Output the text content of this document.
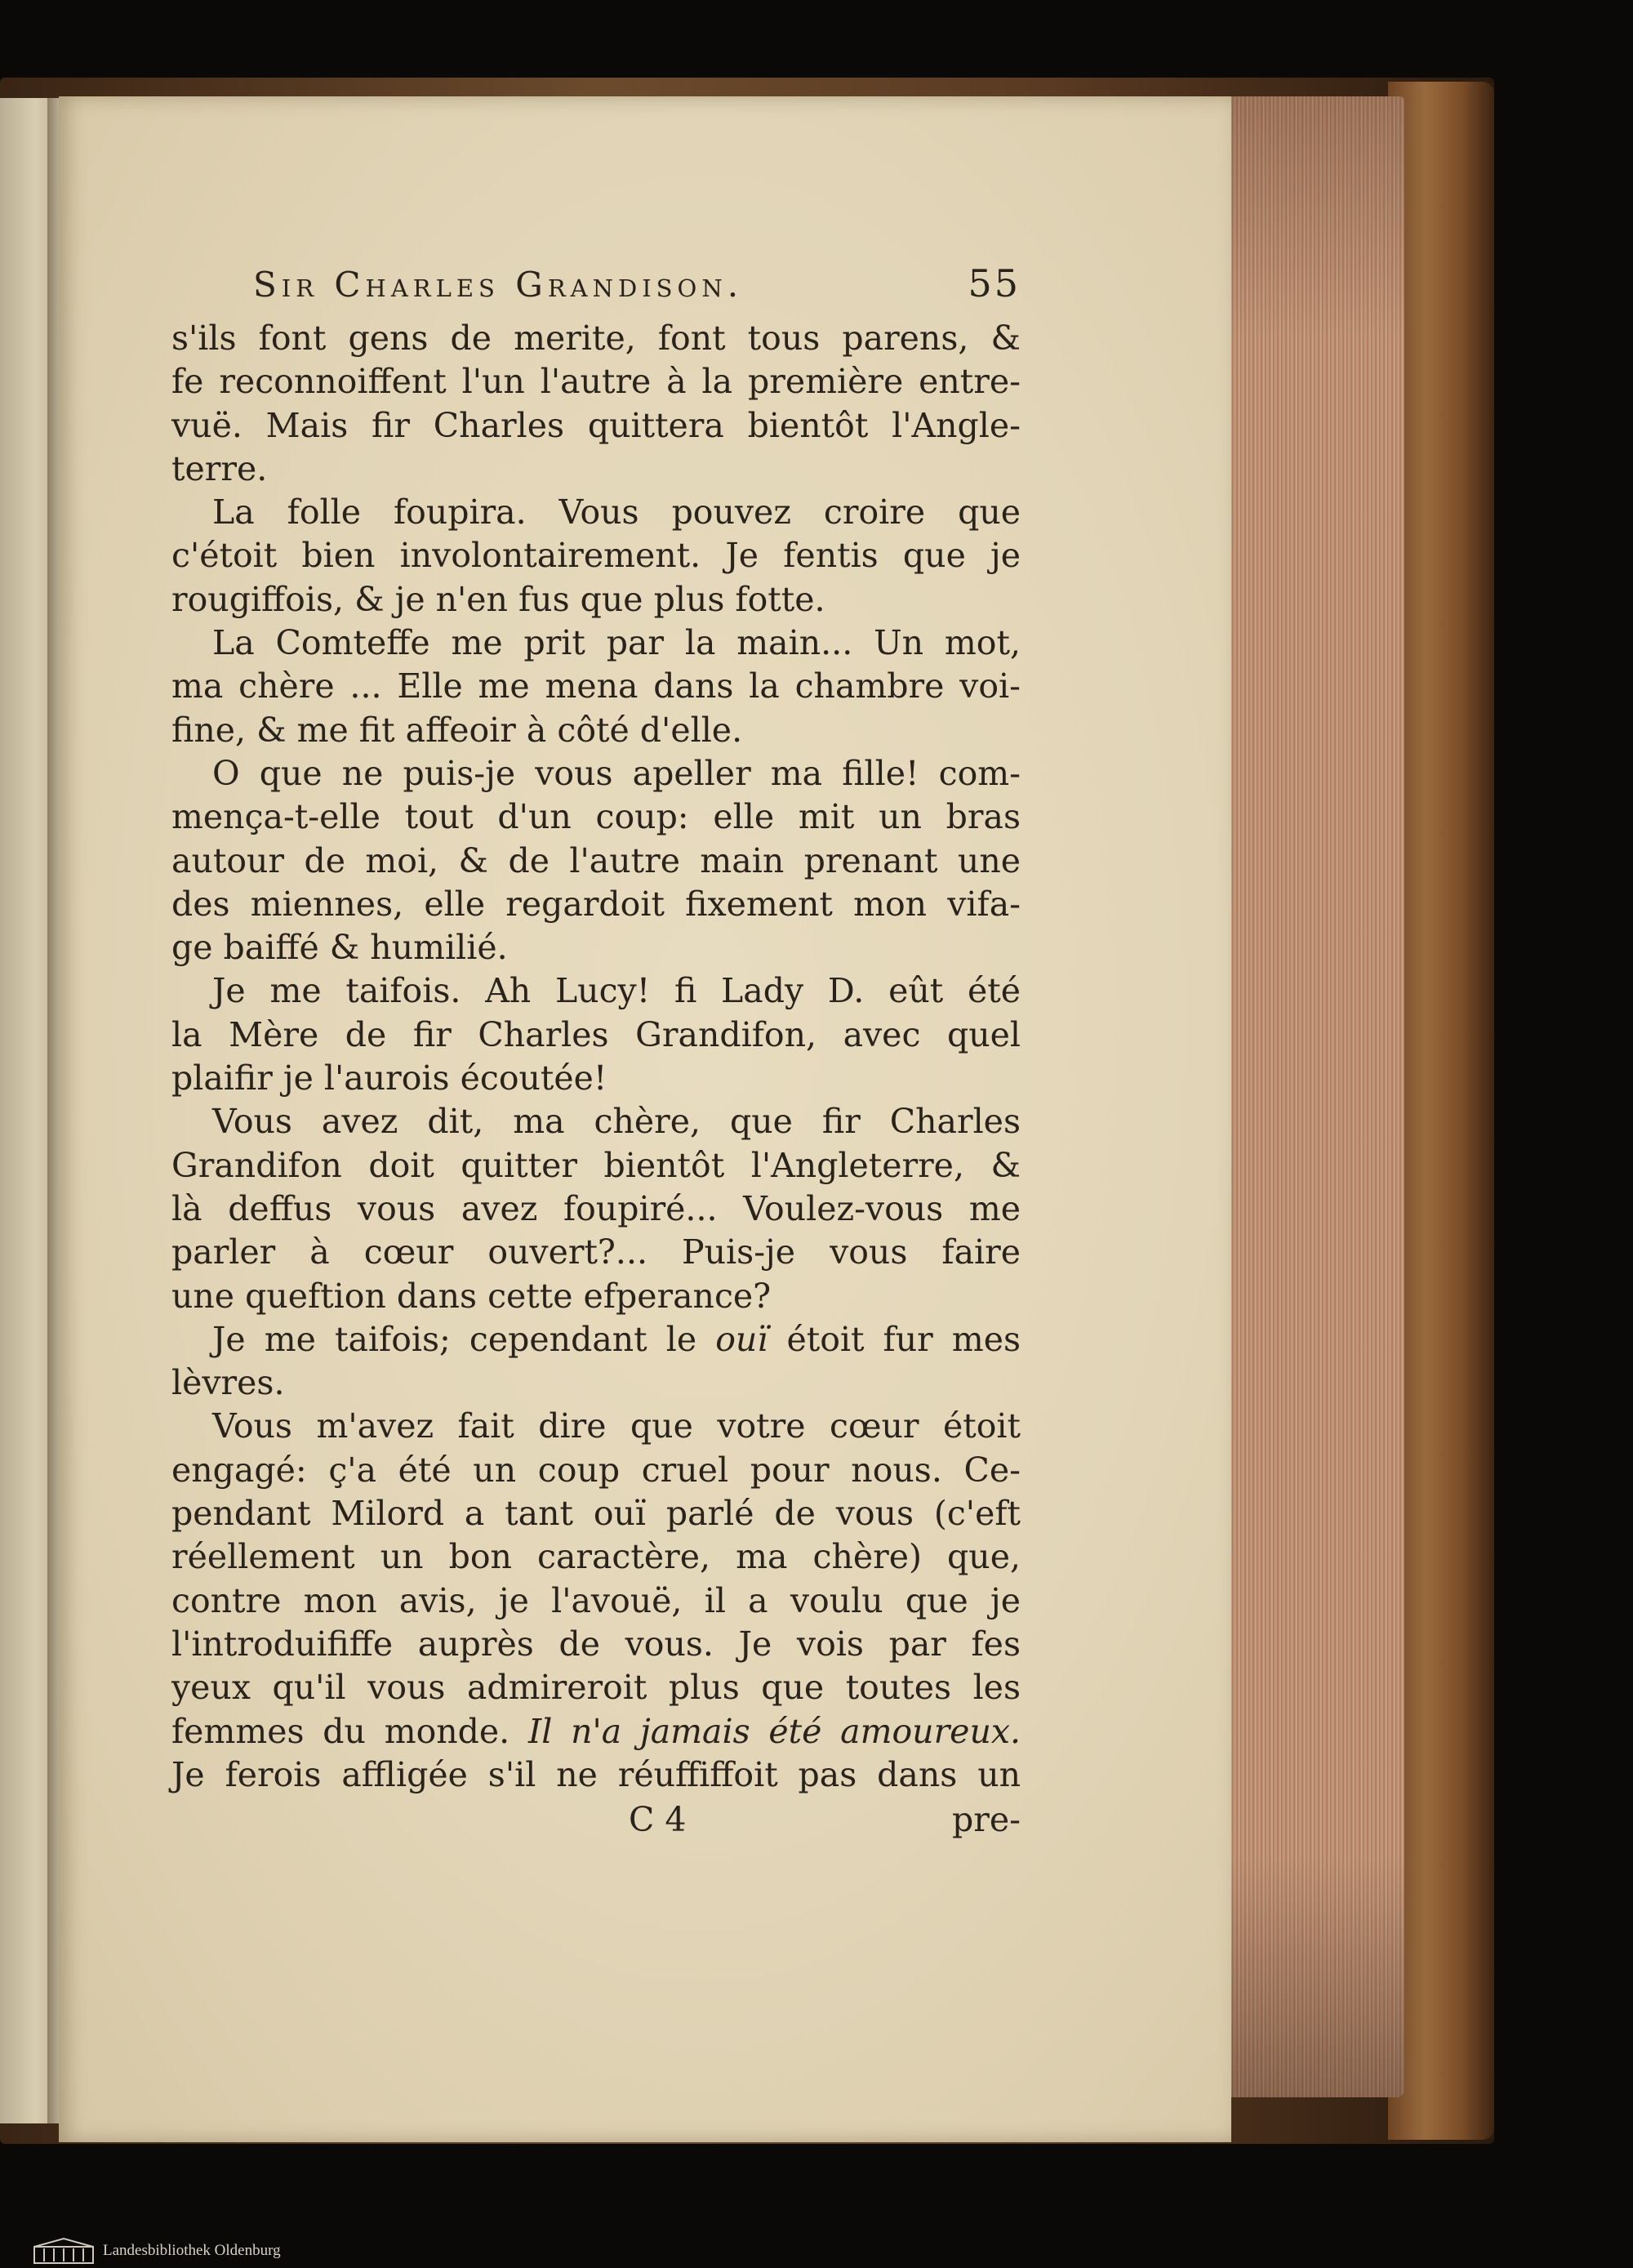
Sir Charles Grandison.	55
s'ils font gens de merite, font tous parens, &
fe reconnoiffent l'un l'autre à la première entre-
vuë. Mais fir Charles quittera bientôt l'Angle-
terre.
La folle foupira. Vous pouvez croire que
c'étoit bien involontairement. Je fentis que je
rougiffois, & je n'en fus que plus fotte.
La Comteffe me prit par la main... Un mot,
ma chère ... Elle me mena dans la chambre voi-
fine, & me fit affeoir à côté d'elle.
O que ne puis-je vous apeller ma fille! com-
mença-t-elle tout d'un coup: elle mit un bras
autour de moi, & de l'autre main prenant une
des miennes, elle regardoit fixement mon vifa-
ge baiffé & humilié.
Je me taifois. Ah Lucy! fi Lady D. eût été
la Mère de fir Charles Grandifon, avec quel
plaifir je l'aurois écoutée!
Vous avez dit, ma chère, que fir Charles
Grandifon doit quitter bientôt l'Angleterre, &
là deffus vous avez foupiré... Voulez-vous me
parler à cœur ouvert?... Puis-je vous faire
une queftion dans cette efperance?
Je me taifois; cependant le ouï étoit fur mes
lèvres.
Vous m'avez fait dire que votre cœur étoit
engagé: ç'a été un coup cruel pour nous. Ce-
pendant Milord a tant ouï parlé de vous (c'eft
réellement un bon caractère, ma chère) que,
contre mon avis, je l'avouë, il a voulu que je
l'introduififfe auprès de vous. Je vois par fes
yeux qu'il vous admireroit plus que toutes les
femmes du monde. Il n'a jamais été amoureux.
Je ferois affligée s'il ne réuffiffoit pas dans un
C 4	pre-
Landesbibliothek Oldenburg
